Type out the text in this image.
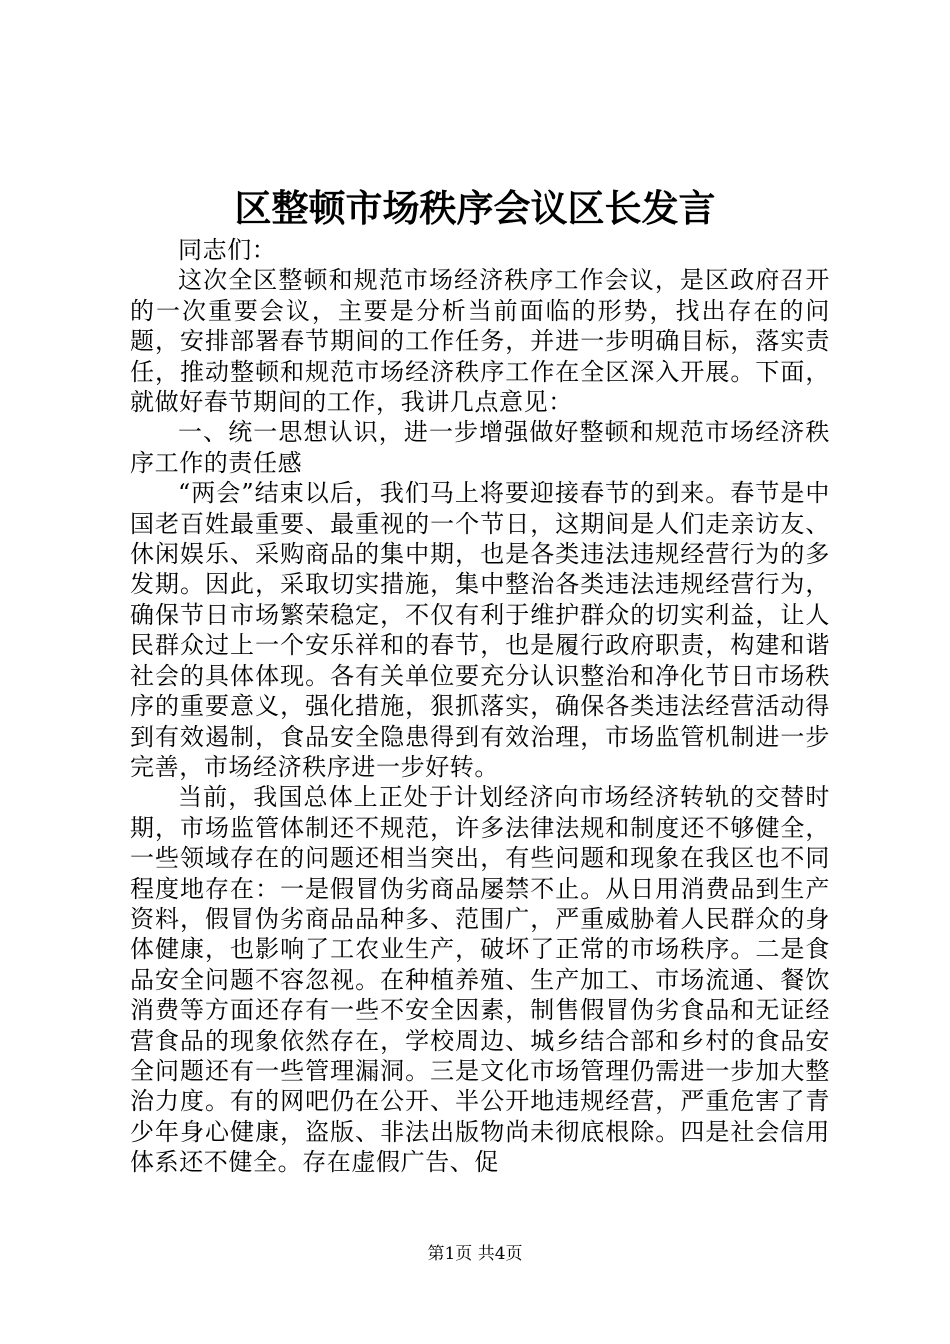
区整顿市场秩序会议区长发言

同志们：

这次全区整顿和规范市场经济秩序工作会议，是区政府召开的一次重要会议，主要是分析当前面临的形势，找出存在的问题，安排部署春节期间的工作任务，并进一步明确目标，落实责任，推动整顿和规范市场经济秩序工作在全区深入开展。下面，就做好春节期间的工作，我讲几点意见：

一、统一思想认识，进一步增强做好整顿和规范市场经济秩序工作的责任感

“两会”结束以后，我们马上将要迎接春节的到来。春节是中国老百姓最重要、最重视的一个节日，这期间是人们走亲访友、休闲娱乐、采购商品的集中期，也是各类违法违规经营行为的多发期。因此，采取切实措施，集中整治各类违法违规经营行为，确保节日市场繁荣稳定，不仅有利于维护群众的切实利益，让人民群众过上一个安乐祥和的春节，也是履行政府职责，构建和谐社会的具体体现。各有关单位要充分认识整治和净化节日市场秩序的重要意义，强化措施，狠抓落实，确保各类违法经营活动得到有效遏制，食品安全隐患得到有效治理，市场监管机制进一步完善，市场经济秩序进一步好转。

当前，我国总体上正处于计划经济向市场经济转轨的交替时期，市场监管体制还不规范，许多法律法规和制度还不够健全，一些领域存在的问题还相当突出，有些问题和现象在我区也不同程度地存在：一是假冒伪劣商品屡禁不止。从日用消费品到生产资料，假冒伪劣商品品种多、范围广，严重威胁着人民群众的身体健康，也影响了工农业生产，破坏了正常的市场秩序。二是食品安全问题不容忽视。在种植养殖、生产加工、市场流通、餐饮消费等方面还存有一些不安全因素，制售假冒伪劣食品和无证经营食品的现象依然存在，学校周边、城乡结合部和乡村的食品安全问题还有一些管理漏洞。三是文化市场管理仍需进一步加大整治力度。有的网吧仍在公开、半公开地违规经营，严重危害了青少年身心健康，盗版、非法出版物尚未彻底根除。四是社会信用体系还不健全。存在虚假广告、促

第1页 共4页
